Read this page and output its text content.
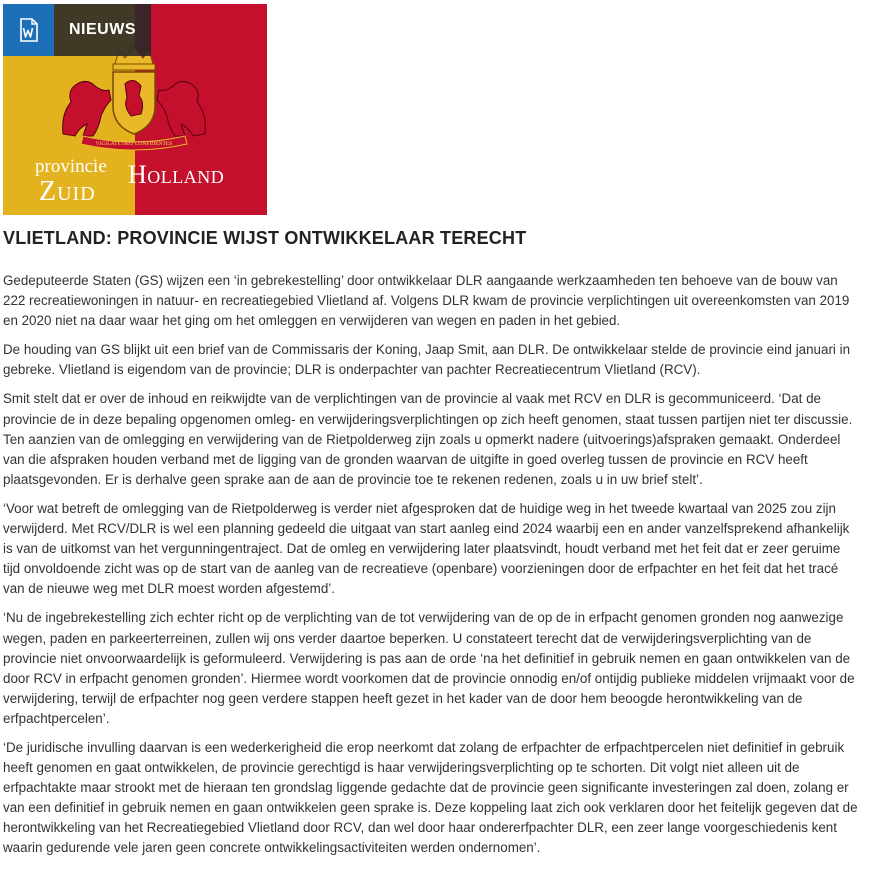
VIGILATE DEO CONFIDENTES
provincie
Zuid
Holland
NIEUWS
VLIETLAND: PROVINCIE WIJST ONTWIKKELAAR TERECHT

Gedeputeerde Staten (GS) wijzen een ‘in gebrekestelling’ door ontwikkelaar DLR aangaande werkzaamheden ten behoeve van de bouw van 222 recreatiewoningen in natuur- en recreatiegebied Vlietland af. Volgens DLR kwam de provincie verplichtingen uit overeenkomsten van 2019 en 2020 niet na daar waar het ging om het omleggen en verwijderen van wegen en paden in het gebied.

De houding van GS blijkt uit een brief van de Commissaris der Koning, Jaap Smit, aan DLR. De ontwikkelaar stelde de provincie eind januari in gebreke. Vlietland is eigendom van de provincie; DLR is onderpachter van pachter Recreatiecentrum Vlietland (RCV).

Smit stelt dat er over de inhoud en reikwijdte van de verplichtingen van de provincie al vaak met RCV en DLR is gecommuniceerd. ‘Dat de provincie de in deze bepaling opgenomen omleg- en verwijderingsverplichtingen op zich heeft genomen, staat tussen partijen niet ter discussie. Ten aanzien van de omlegging en verwijdering van de Rietpolderweg zijn zoals u opmerkt nadere (uitvoerings)afspraken gemaakt. Onderdeel van die afspraken houden verband met de ligging van de gronden waarvan de uitgifte in goed overleg tussen de provincie en RCV heeft plaatsgevonden. Er is derhalve geen sprake aan de aan de provincie toe te rekenen redenen, zoals u in uw brief stelt’.

‘Voor wat betreft de omlegging van de Rietpolderweg is verder niet afgesproken dat de huidige weg in het tweede kwartaal van 2025 zou zijn verwijderd. Met RCV/DLR is wel een planning gedeeld die uitgaat van start aanleg eind 2024 waarbij een en ander vanzelfsprekend afhankelijk is van de uitkomst van het vergunningentraject. Dat de omleg en verwijdering later plaatsvindt, houdt verband met het feit dat er zeer geruime tijd onvoldoende zicht was op de start van de aanleg van de recreatieve (openbare) voorzieningen door de erfpachter en het feit dat het tracé van de nieuwe weg met DLR moest worden afgestemd’.

‘Nu de ingebrekestelling zich echter richt op de verplichting van de tot verwijdering van de op de in erfpacht genomen gronden nog aanwezige wegen, paden en parkeerterreinen, zullen wij ons verder daartoe beperken. U constateert terecht dat de verwijderingsverplichting van de provincie niet onvoorwaardelijk is geformuleerd. Verwijdering is pas aan de orde ‘na het definitief in gebruik nemen en gaan ontwikkelen van de door RCV in erfpacht genomen gronden’. Hiermee wordt voorkomen dat de provincie onnodig en/of ontijdig publieke middelen vrijmaakt voor de verwijdering, terwijl de erfpachter nog geen verdere stappen heeft gezet in het kader van de door hem beoogde herontwikkeling van de erfpachtpercelen’.

‘De juridische invulling daarvan is een wederkerigheid die erop neerkomt dat zolang de erfpachter de erfpachtpercelen niet definitief in gebruik heeft genomen en gaat ontwikkelen, de provincie gerechtigd is haar verwijderingsverplichting op te schorten. Dit volgt niet alleen uit de erfpachtakte maar strookt met de hieraan ten grondslag liggende gedachte dat de provincie geen significante investeringen zal doen, zolang er van een definitief in gebruik nemen en gaan ontwikkelen geen sprake is. Deze koppeling laat zich ook verklaren door het feitelijk gegeven dat de herontwikkeling van het Recreatiegebied Vlietland door RCV, dan wel door haar ondererfpachter DLR, een zeer lange voorgeschiedenis kent waarin gedurende vele jaren geen concrete ontwikkelingsactiviteiten werden ondernomen’.
